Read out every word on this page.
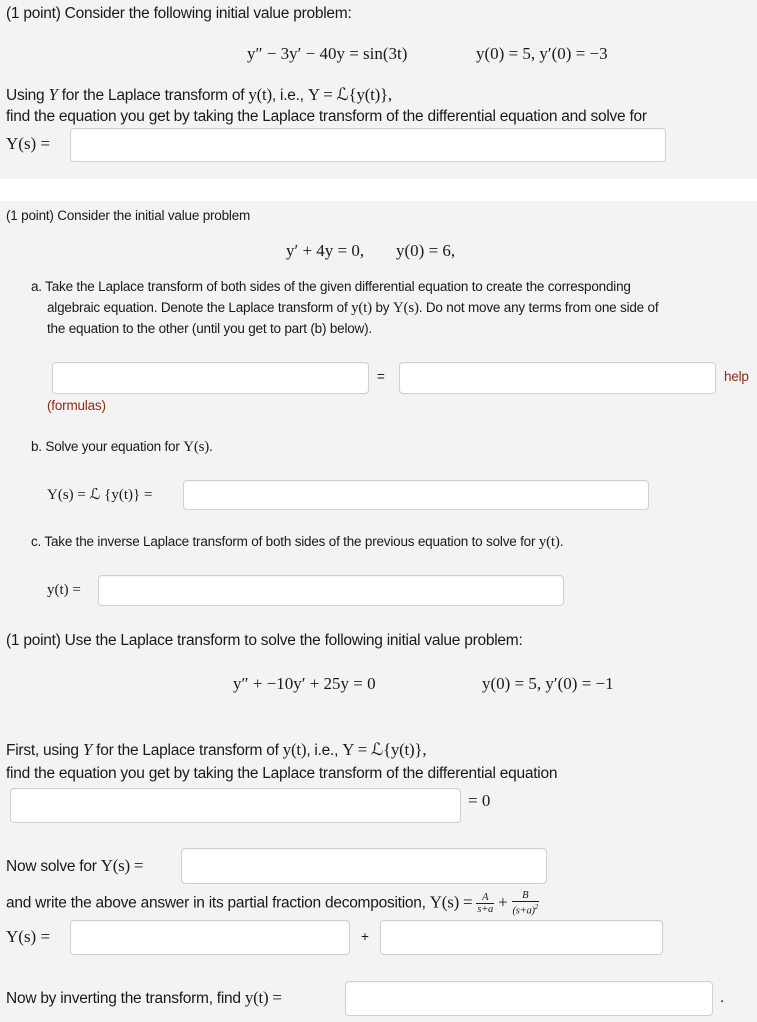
(1 point) Consider the following initial value problem:
y″ − 3y′ − 40y = sin(3t)	y(0) = 5, y′(0) = −3
Using Y for the Laplace transform of y(t), i.e., Y = ℒ{y(t)},
find the equation you get by taking the Laplace transform of the differential equation and solve for
Y(s) =
(1 point) Consider the initial value problem
y′ + 4y = 0, y(0) = 6,
a. Take the Laplace transform of both sides of the given differential equation to create the corresponding
algebraic equation. Denote the Laplace transform of y(t) by Y(s). Do not move any terms from one side of
the equation to the other (until you get to part (b) below).
=	help
(formulas)
b. Solve your equation for Y(s).
Y(s) = ℒ {y(t)} =
c. Take the inverse Laplace transform of both sides of the previous equation to solve for y(t).
y(t) =
(1 point) Use the Laplace transform to solve the following initial value problem:
y″ + −10y′ + 25y = 0	y(0) = 5, y′(0) = −1
First, using Y for the Laplace transform of y(t), i.e., Y = ℒ{y(t)},
find the equation you get by taking the Laplace transform of the differential equation
= 0
Now solve for Y(s) =
and write the above answer in its partial fraction decomposition, $Y(s) = \frac{A}{s+a} + \frac{B}{(s+a)^2}$
Y(s) =	+
Now by inverting the transform, find y(t) =	.
